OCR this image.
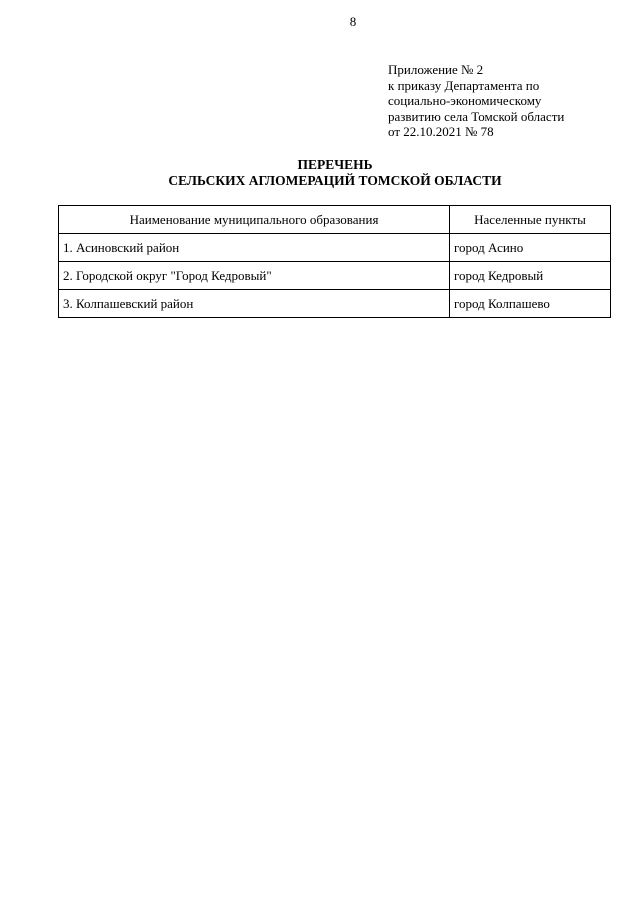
8
Приложение № 2
к приказу Департамента по
социально-экономическому
развитию села Томской области
от 22.10.2021 № 78
ПЕРЕЧЕНЬ
СЕЛЬСКИХ АГЛОМЕРАЦИЙ ТОМСКОЙ ОБЛАСТИ
Наименование муниципального образования	Населенные пункты
1. Асиновский район	город Асино
2. Городской округ "Город Кедровый"	город Кедровый
3. Колпашевский район	город Колпашево
